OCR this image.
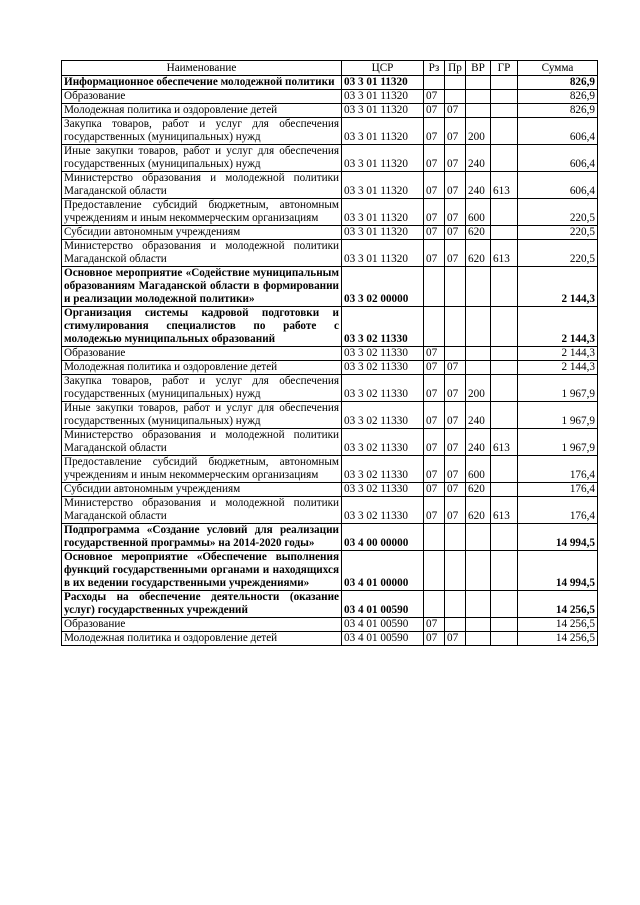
Наименование	ЦСР	Рз	Пр	ВР	ГР	Сумма
Информационное обеспечение молодежной политики	03 3 01 11320					826,9
Образование	03 3 01 11320	07				826,9
Молодежная политика и оздоровление детей	03 3 01 11320	07	07			826,9
Закупка товаров, работ и услуг для обеспечения государственных (муниципальных) нужд	03 3 01 11320	07	07	200		606,4
Иные закупки товаров, работ и услуг для обеспечения государственных (муниципальных) нужд	03 3 01 11320	07	07	240		606,4
Министерство образования и молодежной политики Магаданской области	03 3 01 11320	07	07	240	613	606,4
Предоставление субсидий бюджетным, автономным учреждениям и иным некоммерческим организациям	03 3 01 11320	07	07	600		220,5
Субсидии автономным учреждениям	03 3 01 11320	07	07	620		220,5
Министерство образования и молодежной политики Магаданской области	03 3 01 11320	07	07	620	613	220,5
Основное мероприятие «Содействие муниципальным образованиям Магаданской области в формировании и реализации молодежной политики»	03 3 02 00000					2 144,3
Организация системы кадровой подготовки и стимулирования специалистов по работе с молодежью муниципальных образований	03 3 02 11330					2 144,3
Образование	03 3 02 11330	07				2 144,3
Молодежная политика и оздоровление детей	03 3 02 11330	07	07			2 144,3
Закупка товаров, работ и услуг для обеспечения государственных (муниципальных) нужд	03 3 02 11330	07	07	200		1 967,9
Иные закупки товаров, работ и услуг для обеспечения государственных (муниципальных) нужд	03 3 02 11330	07	07	240		1 967,9
Министерство образования и молодежной политики Магаданской области	03 3 02 11330	07	07	240	613	1 967,9
Предоставление субсидий бюджетным, автономным учреждениям и иным некоммерческим организациям	03 3 02 11330	07	07	600		176,4
Субсидии автономным учреждениям	03 3 02 11330	07	07	620		176,4
Министерство образования и молодежной политики Магаданской области	03 3 02 11330	07	07	620	613	176,4
Подпрограмма «Создание условий для реализации государственной программы» на 2014-2020 годы»	03 4 00 00000					14 994,5
Основное мероприятие «Обеспечение выполнения функций государственными органами и находящихся в их ведении государственными учреждениями»	03 4 01 00000					14 994,5
Расходы на обеспечение деятельности (оказание услуг) государственных учреждений	03 4 01 00590					14 256,5
Образование	03 4 01 00590	07				14 256,5
Молодежная политика и оздоровление детей	03 4 01 00590	07	07			14 256,5
